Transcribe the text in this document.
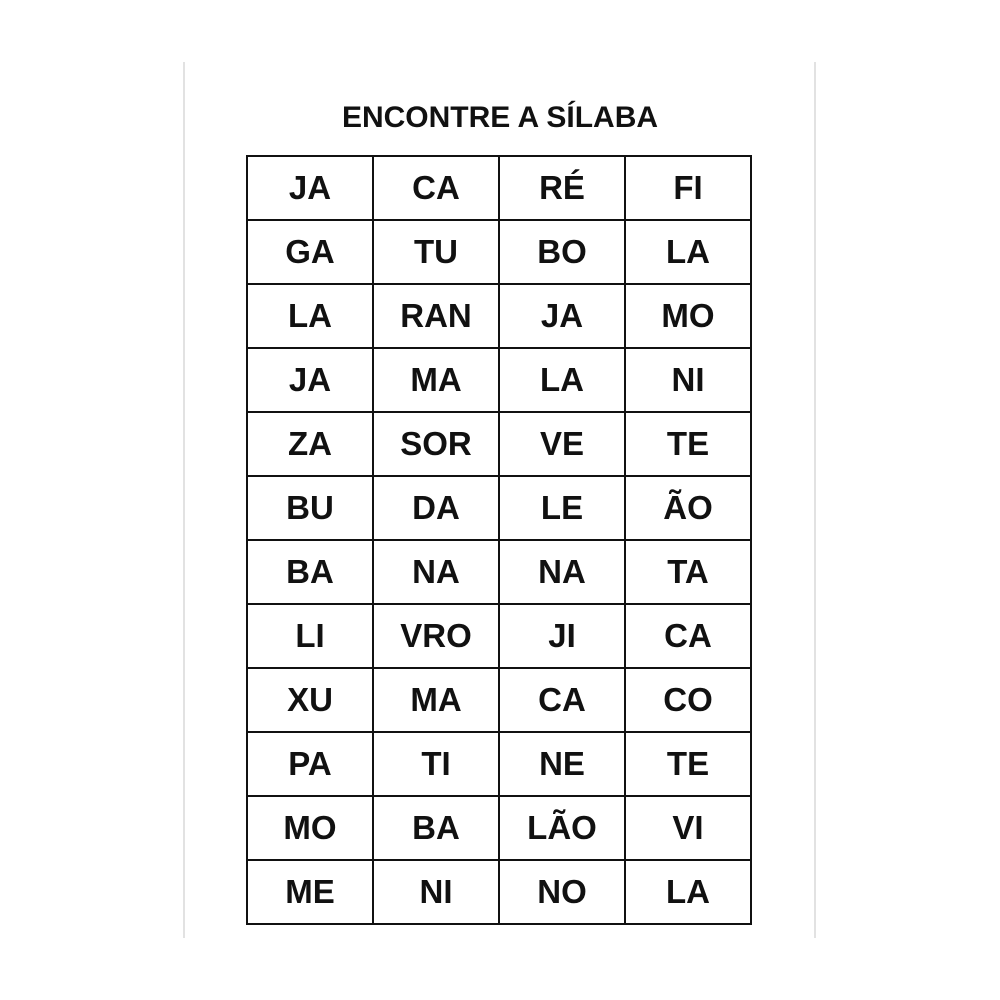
ENCONTRE A SÍLABA
JA	CA	RÉ	FI
GA	TU	BO	LA
LA	RAN	JA	MO
JA	MA	LA	NI
ZA	SOR	VE	TE
BU	DA	LE	ÃO
BA	NA	NA	TA
LI	VRO	JI	CA
XU	MA	CA	CO
PA	TI	NE	TE
MO	BA	LÃO	VI
ME	NI	NO	LA
